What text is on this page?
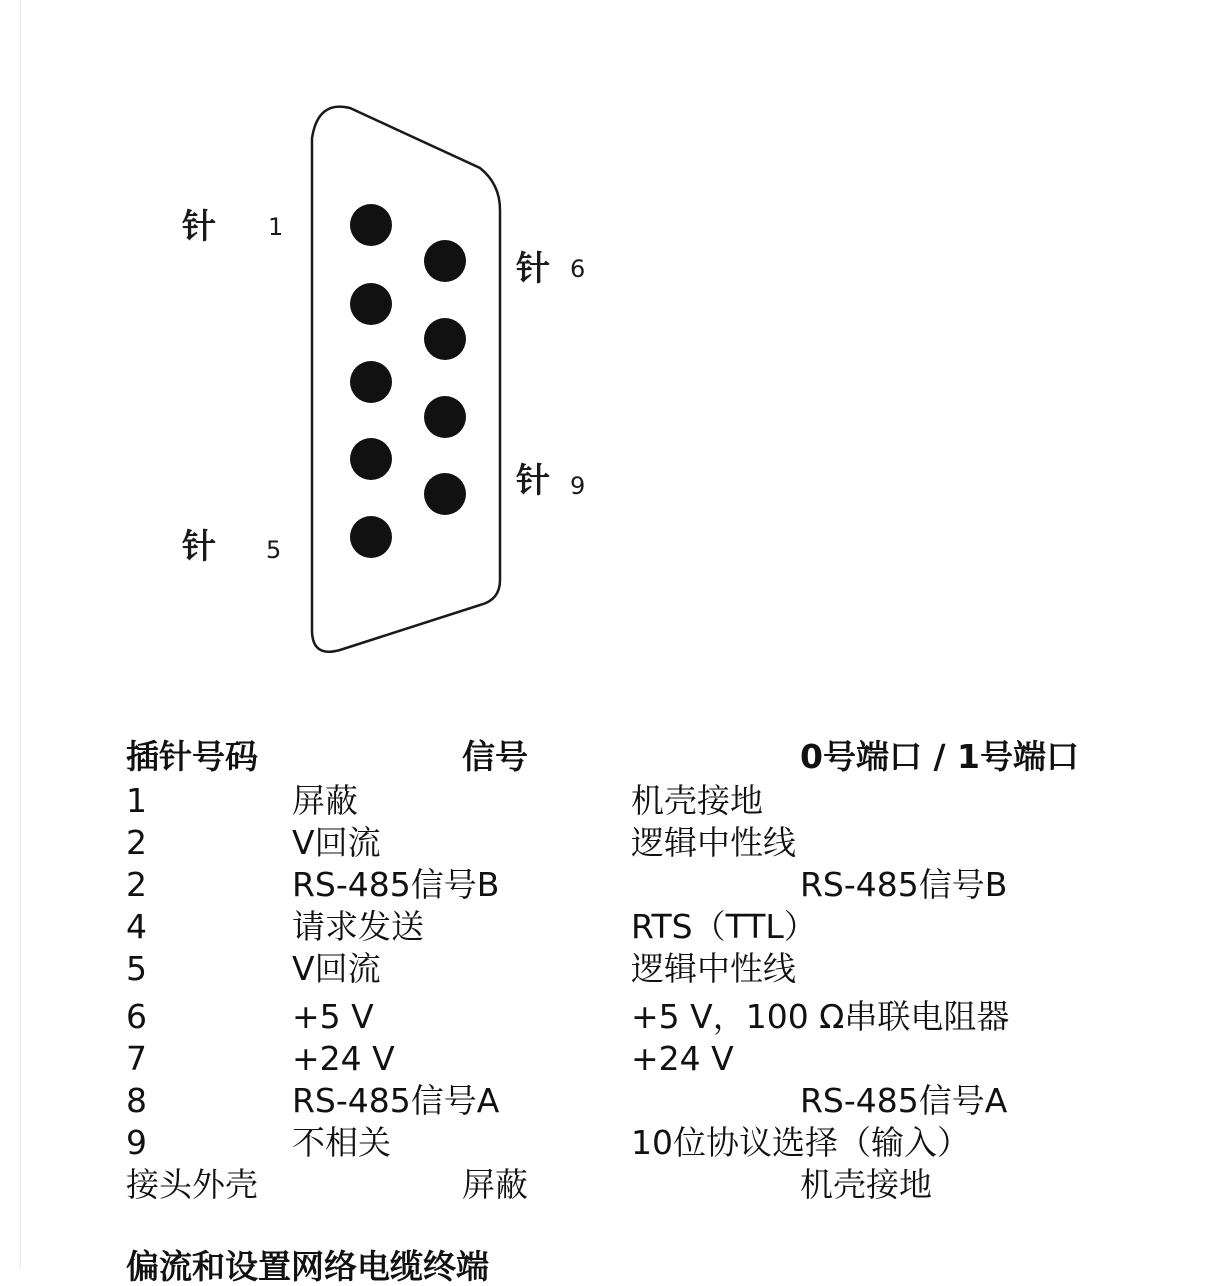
针 1
针 6
针 9
针 5
插针号码	信号	0号端口 / 1号端口
1	屏蔽	机壳接地
2	V回流	逻辑中性线
2	RS-485信号B	RS-485信号B
4	请求发送	RTS（TTL）
5	V回流	逻辑中性线
6	+5 V	+5 V，100 Ω串联电阻器
7	+24 V	+24 V
8	RS-485信号A	RS-485信号A
9	不相关	10位协议选择（输入）
接头外壳	屏蔽	机壳接地
偏流和设置网络电缆终端
